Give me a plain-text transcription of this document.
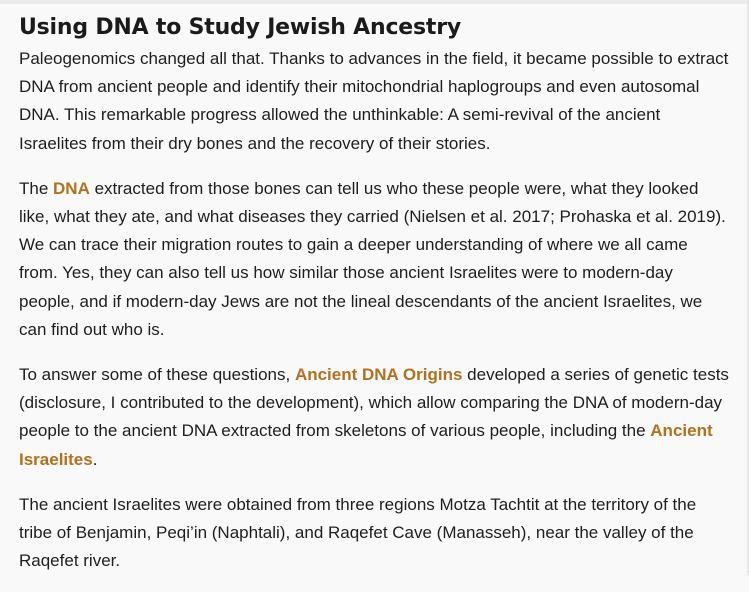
Using DNA to Study Jewish Ancestry

Paleogenomics changed all that. Thanks to advances in the field, it became possible to extract DNA from ancient people and identify their mitochondrial haplogroups and even autosomal DNA. This remarkable progress allowed the unthinkable: A semi-revival of the ancient Israelites from their dry bones and the recovery of their stories.

The DNA extracted from those bones can tell us who these people were, what they looked like, what they ate, and what diseases they carried (Nielsen et al. 2017; Prohaska et al. 2019). We can trace their migration routes to gain a deeper understanding of where we all came from. Yes, they can also tell us how similar those ancient Israelites were to modern-day people, and if modern-day Jews are not the lineal descendants of the ancient Israelites, we can find out who is.

To answer some of these questions, Ancient DNA Origins developed a series of genetic tests (disclosure, I contributed to the development), which allow comparing the DNA of modern-day people to the ancient DNA extracted from skeletons of various people, including the Ancient Israelites.

The ancient Israelites were obtained from three regions Motza Tachtit at the territory of the tribe of Benjamin, Peqi’in (Naphtali), and Raqefet Cave (Manasseh), near the valley of the Raqefet river.
